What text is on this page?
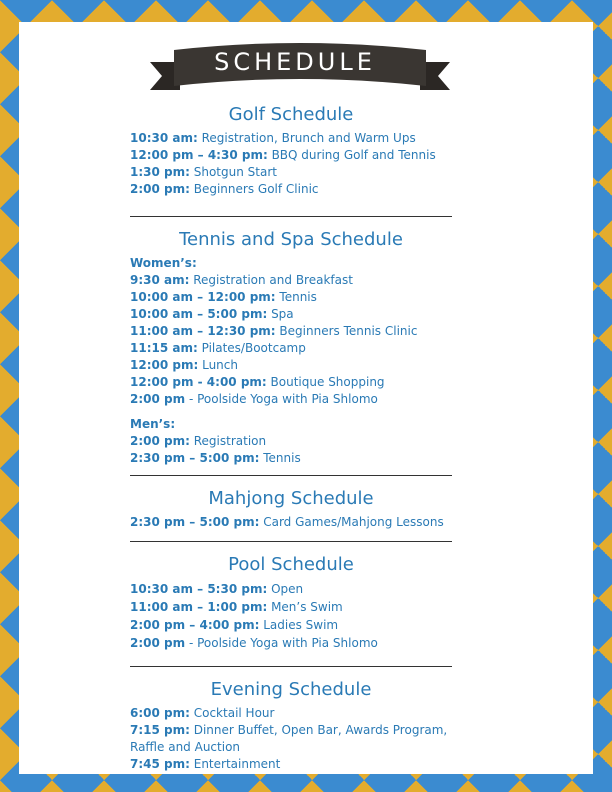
SCHEDULE
Golf Schedule
10:30 am: Registration, Brunch and Warm Ups
12:00 pm – 4:30 pm: BBQ during Golf and Tennis
1:30 pm: Shotgun Start
2:00 pm: Beginners Golf Clinic
Tennis and Spa Schedule
Women’s:
9:30 am: Registration and Breakfast
10:00 am – 12:00 pm: Tennis
10:00 am – 5:00 pm: Spa
11:00 am – 12:30 pm: Beginners Tennis Clinic
11:15 am: Pilates/Bootcamp
12:00 pm: Lunch
12:00 pm - 4:00 pm: Boutique Shopping
2:00 pm - Poolside Yoga with Pia Shlomo
Men’s:
2:00 pm: Registration
2:30 pm – 5:00 pm: Tennis
Mahjong Schedule
2:30 pm – 5:00 pm: Card Games/Mahjong Lessons
Pool Schedule
10:30 am – 5:30 pm: Open
11:00 am – 1:00 pm: Men’s Swim
2:00 pm – 4:00 pm: Ladies Swim
2:00 pm - Poolside Yoga with Pia Shlomo
Evening Schedule
6:00 pm: Cocktail Hour
7:15 pm: Dinner Buffet, Open Bar, Awards Program, Raffle and Auction
7:45 pm: Entertainment
